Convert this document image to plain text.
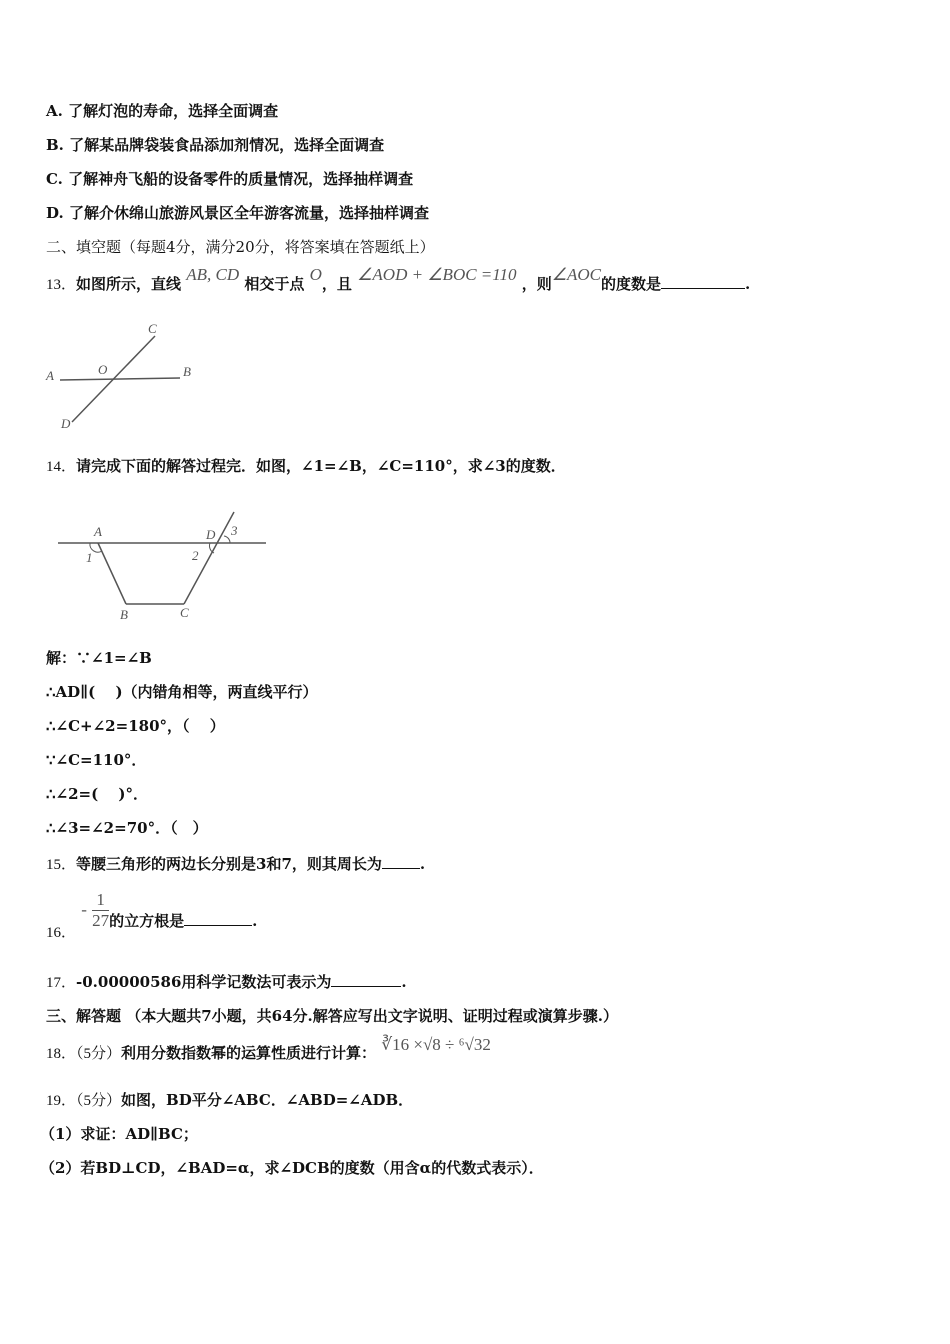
A. 了解灯泡的寿命，选择全面调查
B. 了解某品牌袋装食品添加剂情况，选择全面调查
C. 了解神舟飞船的设备零件的质量情况，选择抽样调查
D. 了解介休绵山旅游风景区全年游客流量，选择抽样调查
二、填空题（每题4分，满分20分，将答案填在答题纸上）
13．如图所示，直线 AB, CD 相交于点 O，且 ∠AOD + ∠BOC =110 ，则∠AOC的度数是	.
A	O	B
C
D
14．请完成下面的解答过程完．如图，∠1=∠B，∠C=110°，求∠3的度数．
A	D 3
1	2
B	C
解：∵∠1=∠B
∴AD∥(　 )（内错角相等，两直线平行）
∴∠C+∠2=180°，（　 ）
∵∠C=110°．
∴∠2=(　 )°．
∴∠3=∠2=70°．（　）
15．等腰三角形的两边长分别是3和7，则其周长为	.
16． - $\frac{1}{27}$ 的立方根是	.
17．-0.00000586用科学记数法可表示为	.
三、解答题 （本大题共7小题，共64分.解答应写出文字说明、证明过程或演算步骤.）
18．（5分）利用分数指数幂的运算性质进行计算： ∛16 ×√8 ÷ ⁶√32
19．（5分）如图，BD平分∠ABC．∠ABD=∠ADB．
（1）求证：AD∥BC；
（2）若BD⊥CD，∠BAD=α，求∠DCB的度数（用含α的代数式表示）．
